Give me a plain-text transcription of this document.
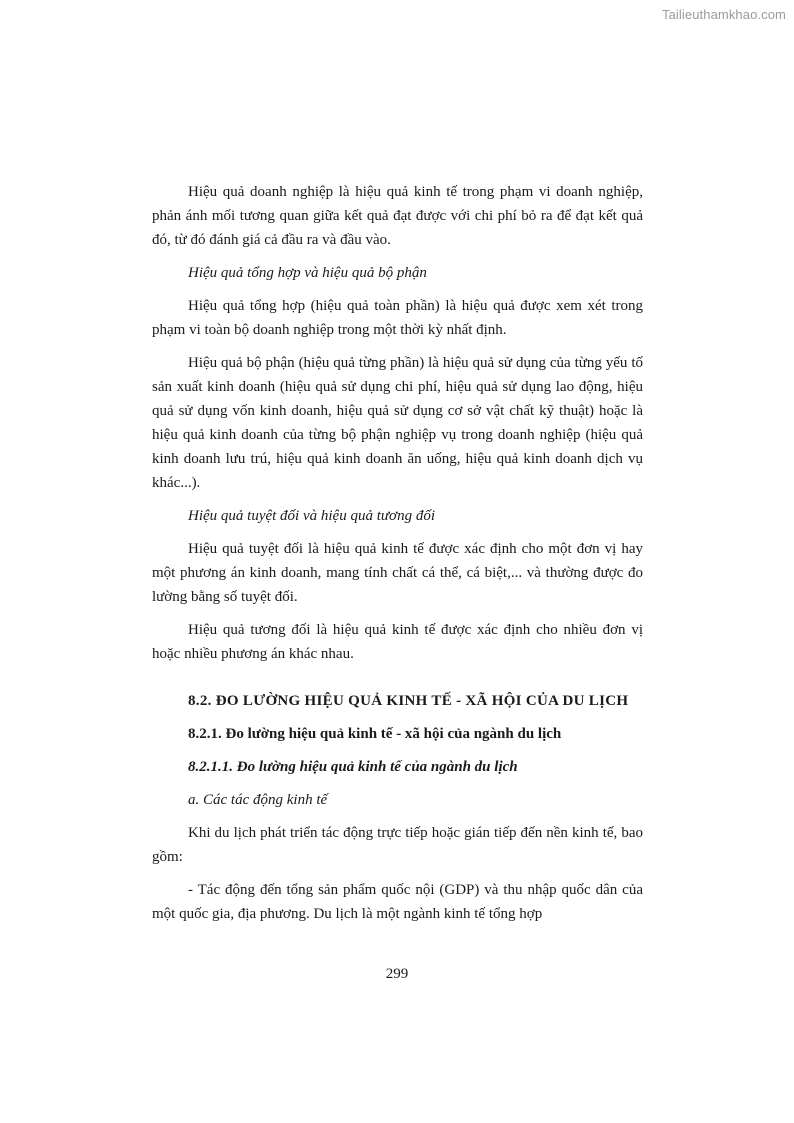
Tailieuthamkhao.com

Hiệu quả doanh nghiệp là hiệu quả kinh tế trong phạm vi doanh nghiệp, phản ánh mối tương quan giữa kết quả đạt được với chi phí bỏ ra để đạt kết quả đó, từ đó đánh giá cả đầu ra và đầu vào.

Hiệu quả tổng hợp và hiệu quả bộ phận

Hiệu quả tổng hợp (hiệu quả toàn phần) là hiệu quả được xem xét trong phạm vi toàn bộ doanh nghiệp trong một thời kỳ nhất định.

Hiệu quả bộ phận (hiệu quả từng phần) là hiệu quả sử dụng của từng yếu tố sản xuất kinh doanh (hiệu quả sử dụng chi phí, hiệu quả sử dụng lao động, hiệu quả sử dụng vốn kinh doanh, hiệu quả sử dụng cơ sở vật chất kỹ thuật) hoặc là hiệu quả kinh doanh của từng bộ phận nghiệp vụ trong doanh nghiệp (hiệu quả kinh doanh lưu trú, hiệu quả kinh doanh ăn uống, hiệu quả kinh doanh dịch vụ khác...).

Hiệu quả tuyệt đối và hiệu quả tương đối

Hiệu quả tuyệt đối là hiệu quả kinh tế được xác định cho một đơn vị hay một phương án kinh doanh, mang tính chất cá thể, cá biệt,... và thường được đo lường bằng số tuyệt đối.

Hiệu quả tương đối là hiệu quả kinh tế được xác định cho nhiều đơn vị hoặc nhiều phương án khác nhau.

8.2. ĐO LƯỜNG HIỆU QUẢ KINH TẾ - XÃ HỘI CỦA DU LỊCH

8.2.1. Đo lường hiệu quả kinh tế - xã hội của ngành du lịch

8.2.1.1. Đo lường hiệu quả kinh tế của ngành du lịch

a. Các tác động kinh tế

Khi du lịch phát triển tác động trực tiếp hoặc gián tiếp đến nền kinh tế, bao gồm:

- Tác động đến tổng sản phẩm quốc nội (GDP) và thu nhập quốc dân của một quốc gia, địa phương. Du lịch là một ngành kinh tế tổng hợp

299
